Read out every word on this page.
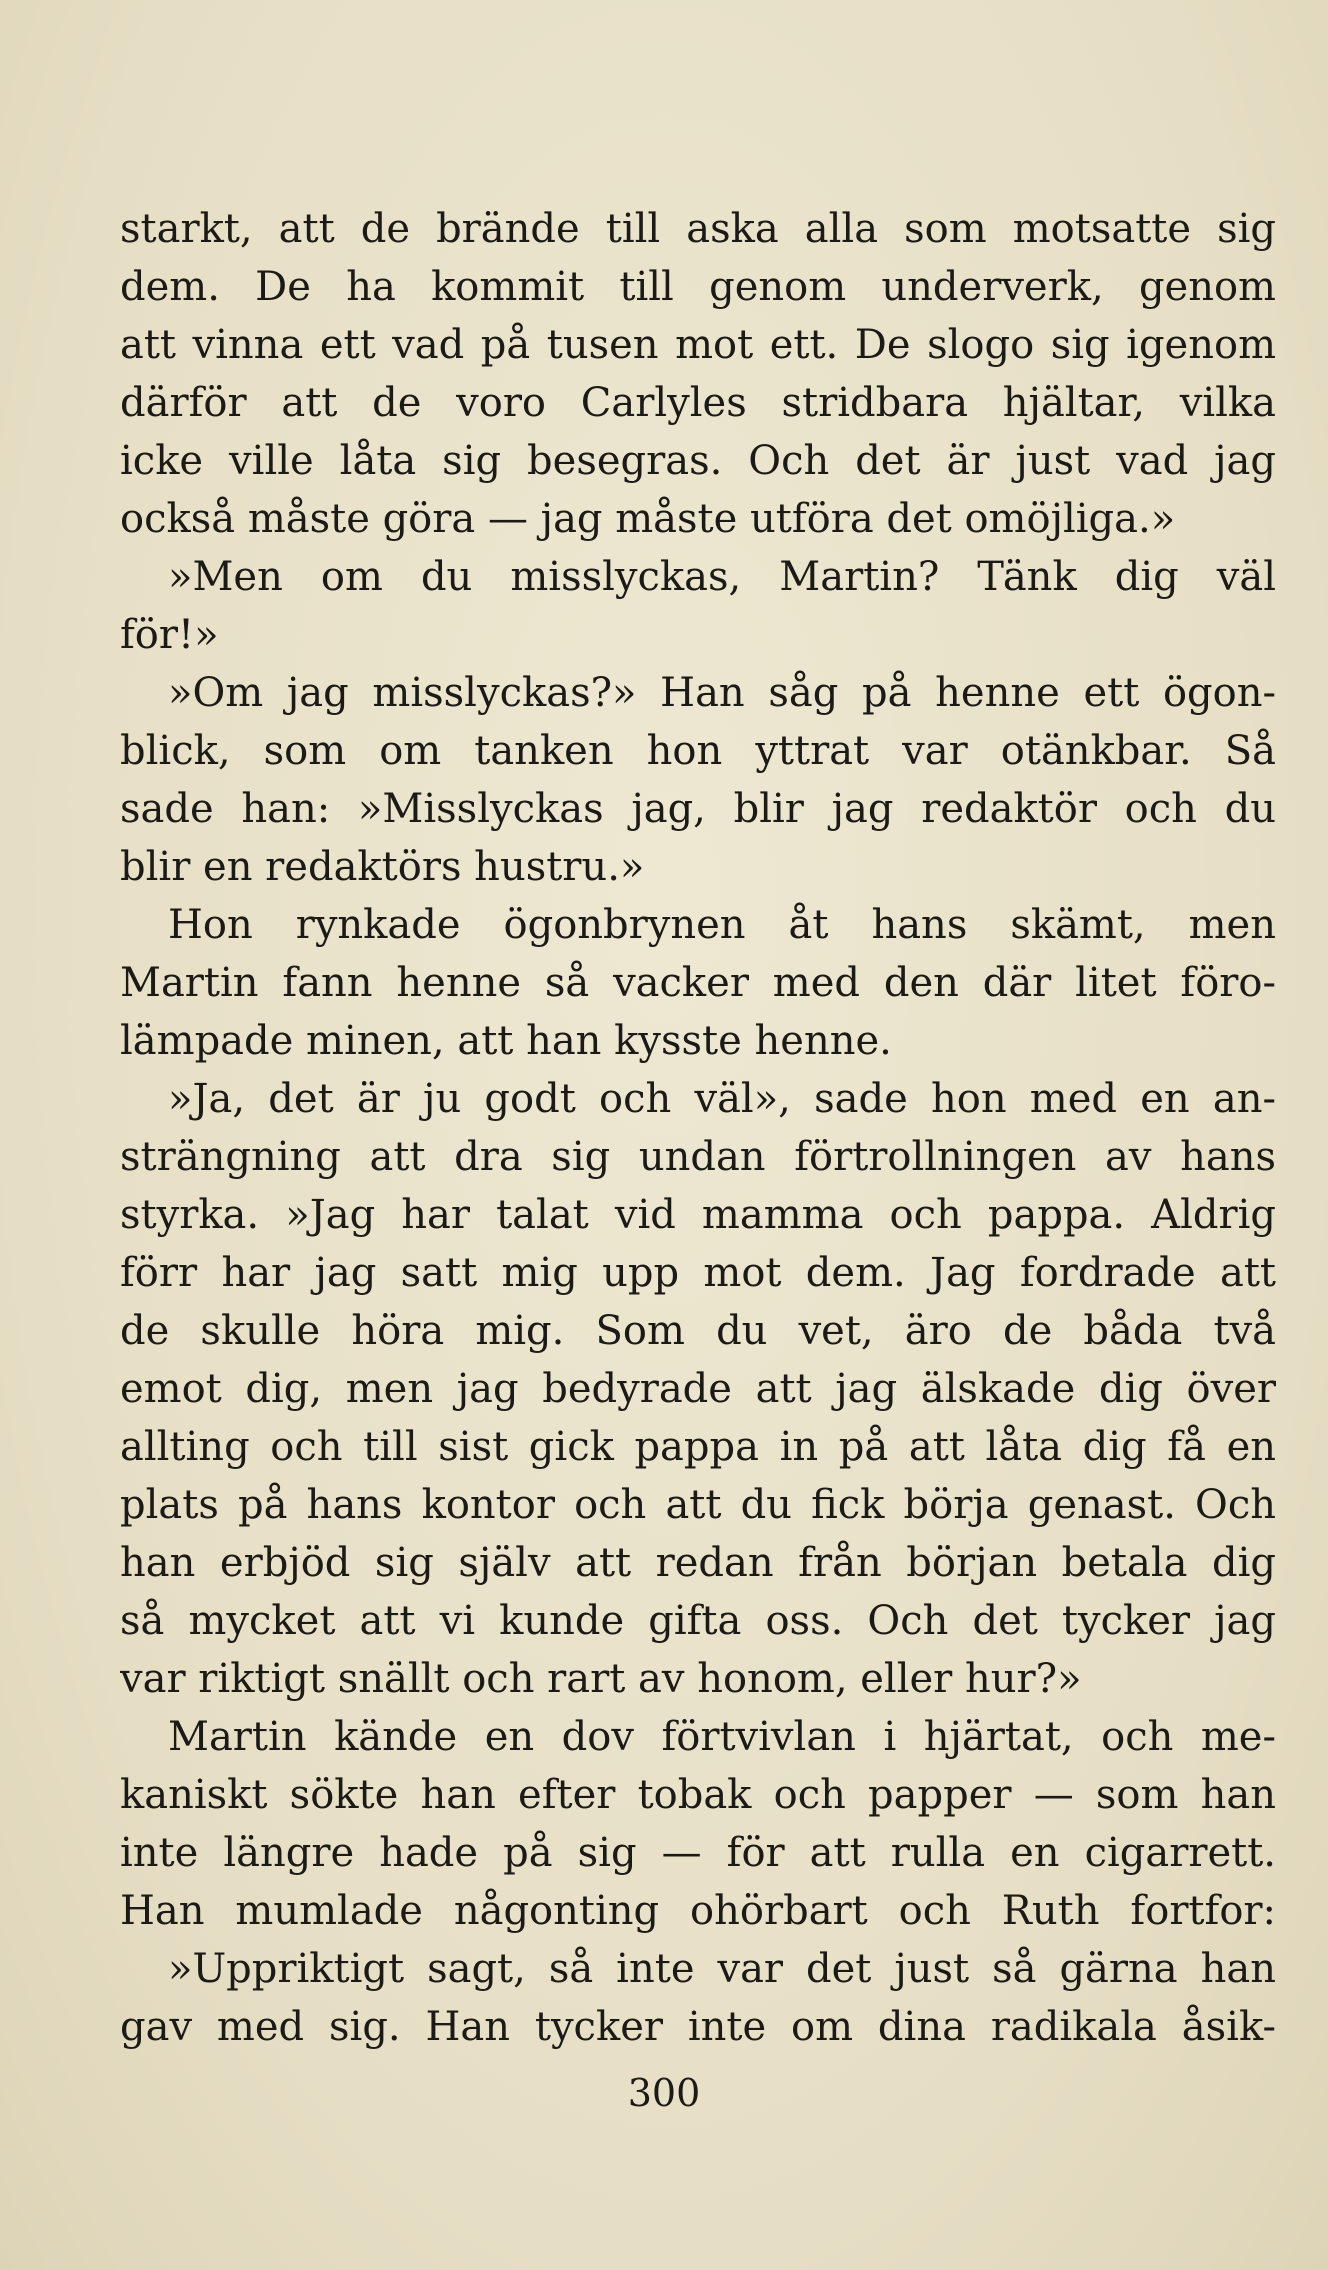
starkt, att de brände till aska alla som motsatte sig
dem. De ha kommit till genom underverk, genom
att vinna ett vad på tusen mot ett. De slogo sig igenom
därför att de voro Carlyles stridbara hjältar, vilka
icke ville låta sig besegras. Och det är just vad jag
också måste göra — jag måste utföra det omöjliga.»
»Men om du misslyckas, Martin? Tänk dig väl
för!»
»Om jag misslyckas?» Han såg på henne ett ögon-
blick, som om tanken hon yttrat var otänkbar. Så
sade han: »Misslyckas jag, blir jag redaktör och du
blir en redaktörs hustru.»
Hon rynkade ögonbrynen åt hans skämt, men
Martin fann henne så vacker med den där litet föro-
lämpade minen, att han kysste henne.
»Ja, det är ju godt och väl», sade hon med en an-
strängning att dra sig undan förtrollningen av hans
styrka. »Jag har talat vid mamma och pappa. Aldrig
förr har jag satt mig upp mot dem. Jag fordrade att
de skulle höra mig. Som du vet, äro de båda två
emot dig, men jag bedyrade att jag älskade dig över
allting och till sist gick pappa in på att låta dig få en
plats på hans kontor och att du fick börja genast. Och
han erbjöd sig själv att redan från början betala dig
så mycket att vi kunde gifta oss. Och det tycker jag
var riktigt snällt och rart av honom, eller hur?»
Martin kände en dov förtvivlan i hjärtat, och me-
kaniskt sökte han efter tobak och papper — som han
inte längre hade på sig — för att rulla en cigarrett.
Han mumlade någonting ohörbart och Ruth fortfor:
»Uppriktigt sagt, så inte var det just så gärna han
gav med sig. Han tycker inte om dina radikala åsik-
300
